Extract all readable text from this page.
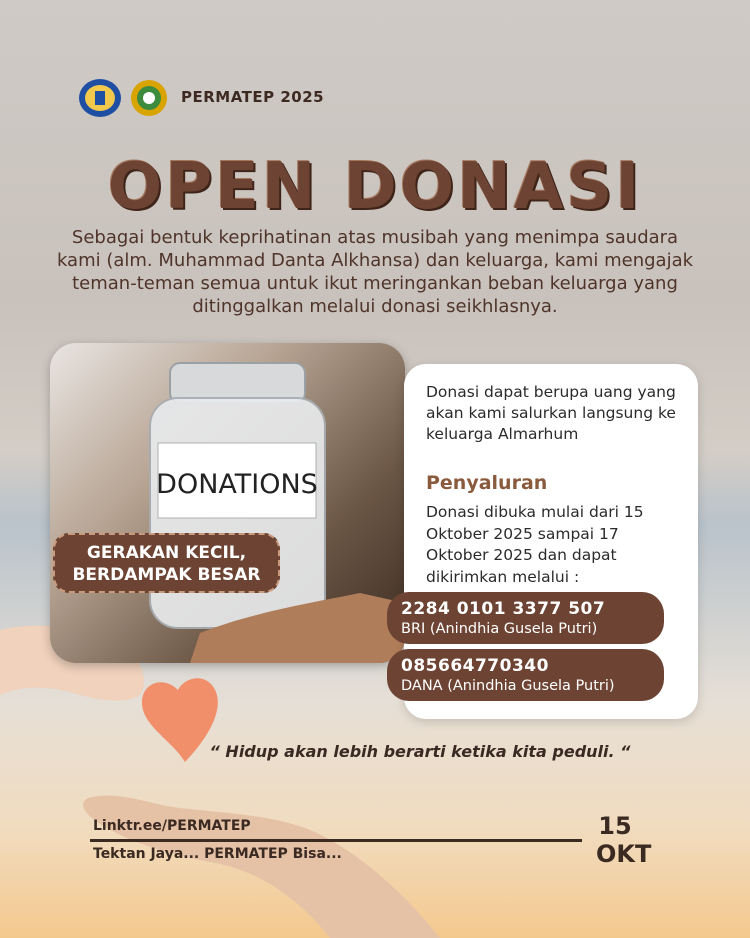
PERMATEP 2025
OPEN DONASI
Sebagai bentuk keprihatinan atas musibah yang menimpa saudara kami (alm. Muhammad Danta Alkhansa) dan keluarga, kami mengajak teman-teman semua untuk ikut meringankan beban keluarga yang ditinggalkan melalui donasi seikhlasnya.
DONATIONS
GERAKAN KECIL,
BERDAMPAK BESAR
Donasi dapat berupa uang yang akan kami salurkan langsung ke keluarga Almarhum
Penyaluran
Donasi dibuka mulai dari 15 Oktober 2025 sampai 17 Oktober 2025 dan dapat dikirimkan melalui :
2284 0101 3377 507
BRI (Anindhia Gusela Putri)
085664770340
DANA (Anindhia Gusela Putri)
“ Hidup akan lebih berarti ketika kita peduli. “
Linktr.ee/PERMATEP
Tektan Jaya... PERMATEP Bisa...
15
OKT
